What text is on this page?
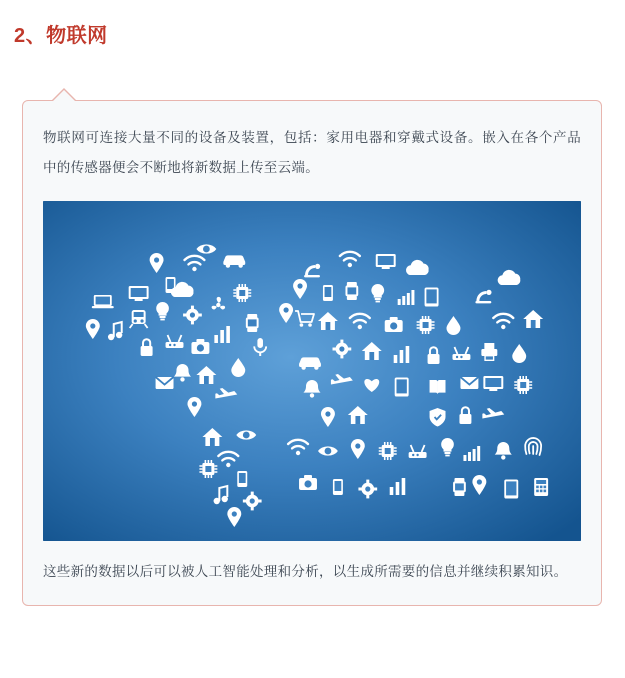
2、物联网

物联网可连接大量不同的设备及装置，包括：家用电器和穿戴式设备。嵌入在各个产品中的传感器便会不断地将新数据上传至云端。

这些新的数据以后可以被人工智能处理和分析，以生成所需要的信息并继续积累知识。
